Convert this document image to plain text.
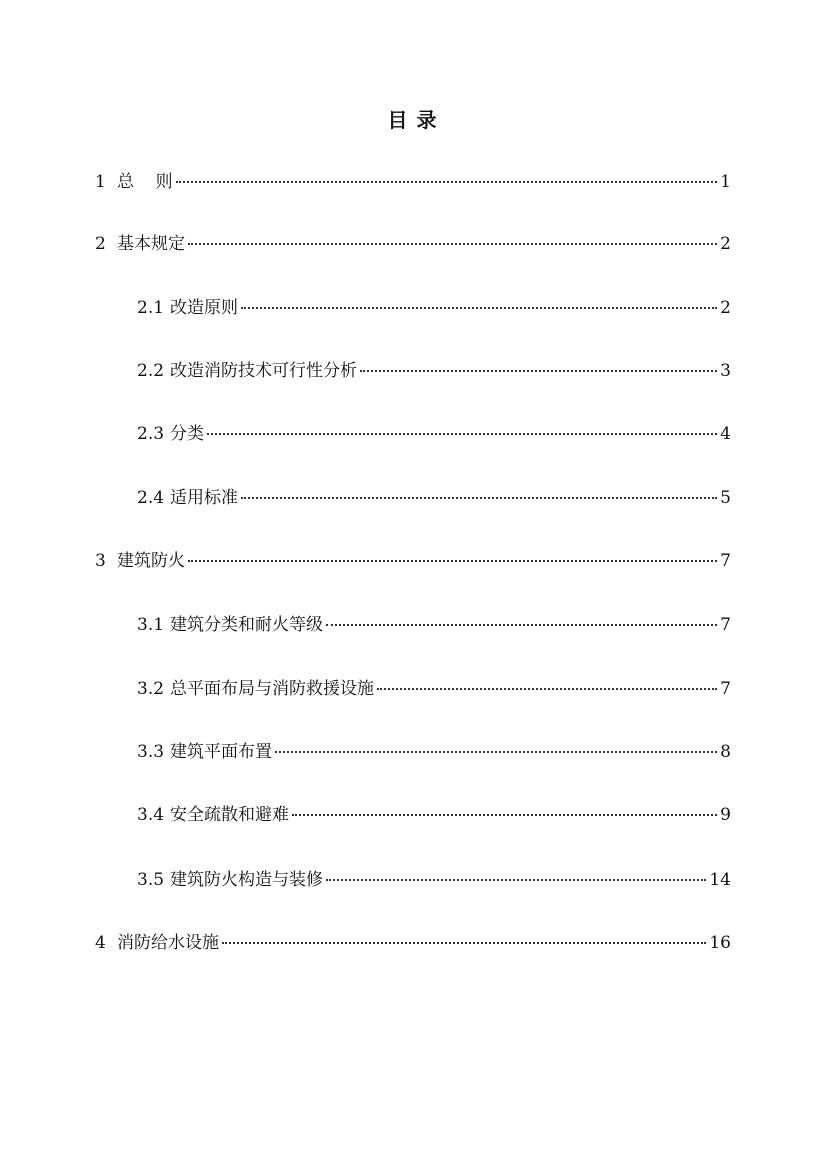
目 录
1 总    则	1
2 基本规定	2
2.1 改造原则	2
2.2 改造消防技术可行性分析	3
2.3 分类	4
2.4 适用标准	5
3 建筑防火	7
3.1 建筑分类和耐火等级	7
3.2 总平面布局与消防救援设施	7
3.3 建筑平面布置	8
3.4 安全疏散和避难	9
3.5 建筑防火构造与装修	14
4 消防给水设施	16
